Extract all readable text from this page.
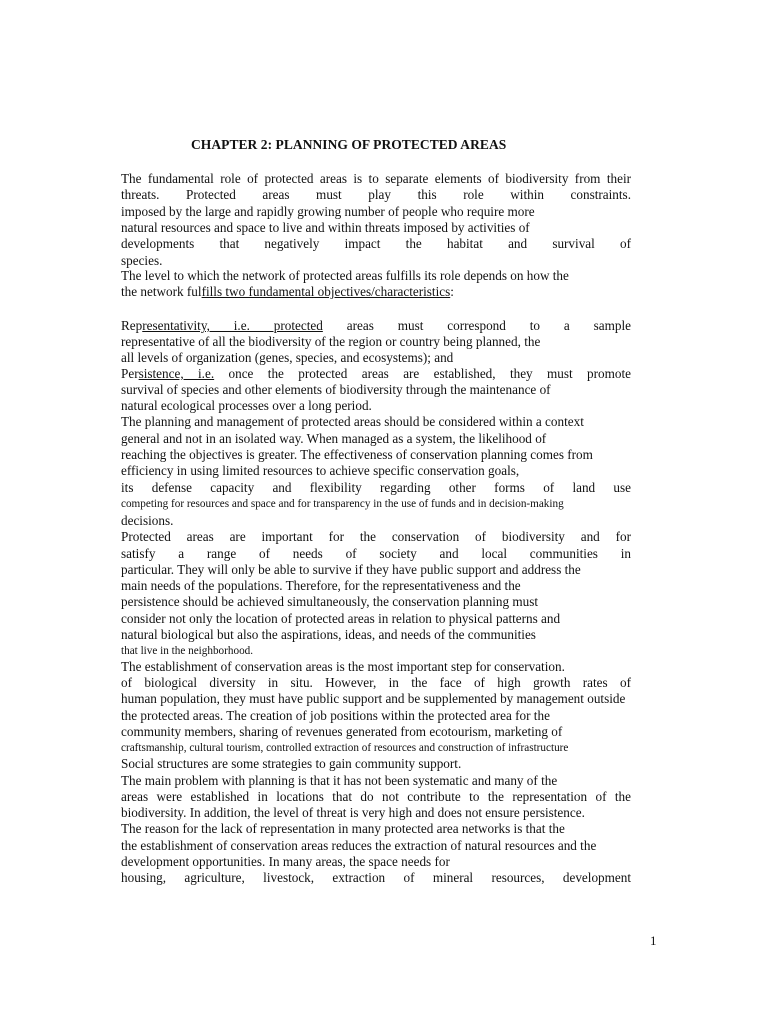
CHAPTER 2: PLANNING OF PROTECTED AREAS
The fundamental role of protected areas is to separate elements of biodiversity from their
threats. Protected areas must play this role within constraints.
imposed by the large and rapidly growing number of people who require more
natural resources and space to live and within threats imposed by activities of
developments that negatively impact the habitat and survival of
species.
The level to which the network of protected areas fulfills its role depends on how the
the network fulfills two fundamental objectives/characteristics:
Representativity, i.e. protected areas must correspond to a sample
representative of all the biodiversity of the region or country being planned, the
all levels of organization (genes, species, and ecosystems); and
Persistence, i.e. once the protected areas are established, they must promote
survival of species and other elements of biodiversity through the maintenance of
natural ecological processes over a long period.
The planning and management of protected areas should be considered within a context
general and not in an isolated way. When managed as a system, the likelihood of
reaching the objectives is greater. The effectiveness of conservation planning comes from
efficiency in using limited resources to achieve specific conservation goals,
its defense capacity and flexibility regarding other forms of land use
competing for resources and space and for transparency in the use of funds and in decision-making
decisions.
Protected areas are important for the conservation of biodiversity and for
satisfy a range of needs of society and local communities in
particular. They will only be able to survive if they have public support and address the
main needs of the populations. Therefore, for the representativeness and the
persistence should be achieved simultaneously, the conservation planning must
consider not only the location of protected areas in relation to physical patterns and
natural biological but also the aspirations, ideas, and needs of the communities
that live in the neighborhood.
The establishment of conservation areas is the most important step for conservation.
of biological diversity in situ. However, in the face of high growth rates of
human population, they must have public support and be supplemented by management outside
the protected areas. The creation of job positions within the protected area for the
community members, sharing of revenues generated from ecotourism, marketing of
craftsmanship, cultural tourism, controlled extraction of resources and construction of infrastructure
Social structures are some strategies to gain community support.
The main problem with planning is that it has not been systematic and many of the
areas were established in locations that do not contribute to the representation of the
biodiversity. In addition, the level of threat is very high and does not ensure persistence.
The reason for the lack of representation in many protected area networks is that the
the establishment of conservation areas reduces the extraction of natural resources and the
development opportunities. In many areas, the space needs for
housing, agriculture, livestock, extraction of mineral resources, development
1
